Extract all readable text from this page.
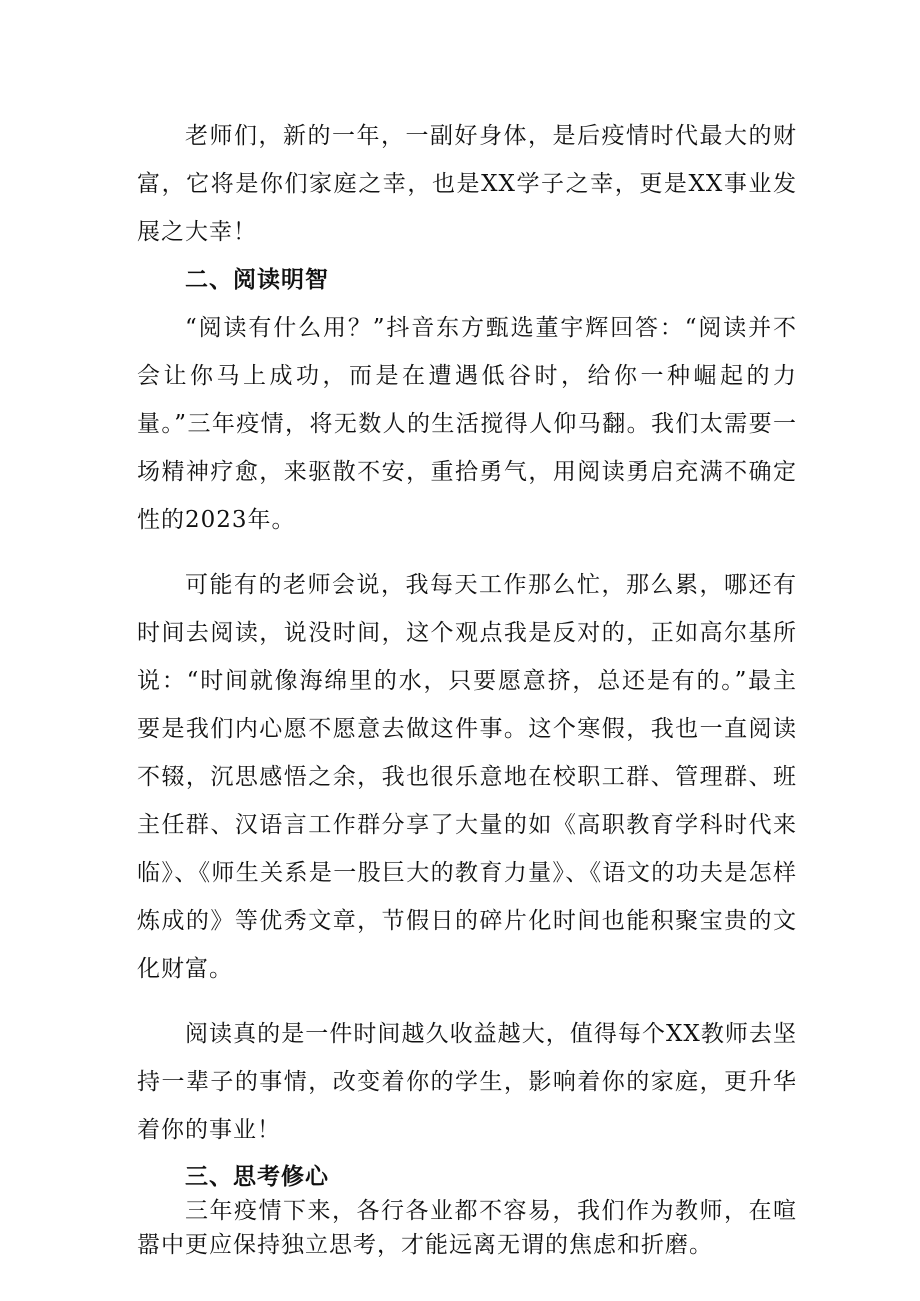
老师们，新的一年，一副好身体，是后疫情时代最大的财富，它将是你们家庭之幸，也是XX学子之幸，更是XX事业发展之大幸！

二、阅读明智

“阅读有什么用？”抖音东方甄选董宇辉回答：“阅读并不会让你马上成功，而是在遭遇低谷时，给你一种崛起的力量。”三年疫情，将无数人的生活搅得人仰马翻。我们太需要一场精神疗愈，来驱散不安，重拾勇气，用阅读勇启充满不确定性的2023年。

可能有的老师会说，我每天工作那么忙，那么累，哪还有时间去阅读，说没时间，这个观点我是反对的，正如高尔基所说：“时间就像海绵里的水，只要愿意挤，总还是有的。”最主要是我们内心愿不愿意去做这件事。这个寒假，我也一直阅读不辍，沉思感悟之余，我也很乐意地在校职工群、管理群、班主任群、汉语言工作群分享了大量的如《高职教育学科时代来临》、《师生关系是一股巨大的教育力量》、《语文的功夫是怎样炼成的》等优秀文章，节假日的碎片化时间也能积聚宝贵的文化财富。

阅读真的是一件时间越久收益越大，值得每个XX教师去坚持一辈子的事情，改变着你的学生，影响着你的家庭，更升华着你的事业！

三、思考修心

三年疫情下来，各行各业都不容易，我们作为教师，在喧嚣中更应保持独立思考，才能远离无谓的焦虑和折磨。
